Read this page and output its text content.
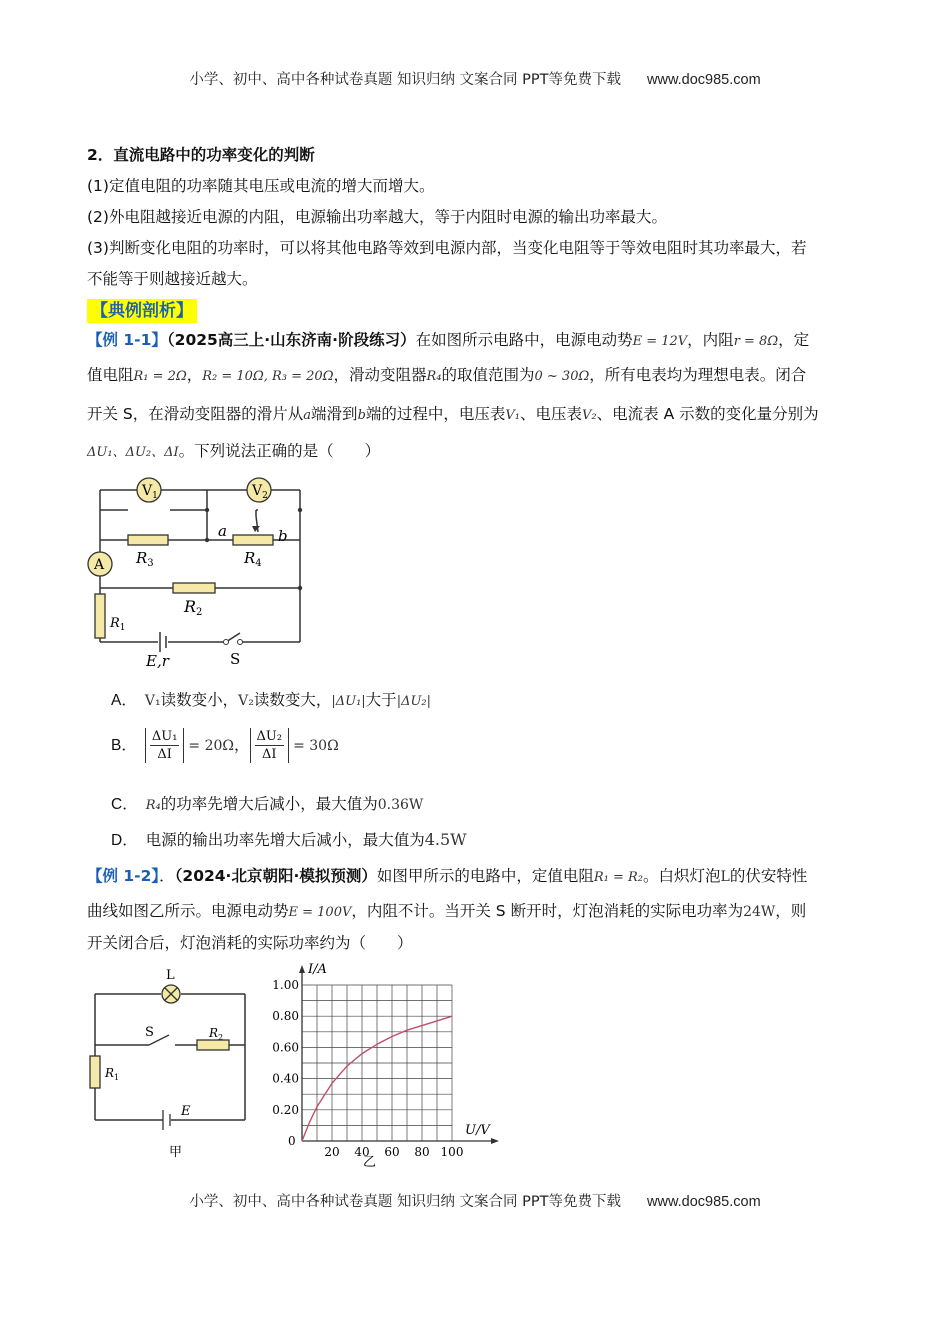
小学、初中、高中各种试卷真题 知识归纳 文案合同 PPT等免费下载 www.doc985.com
2．直流电路中的功率变化的判断
(1)定值电阻的功率随其电压或电流的增大而增大。
(2)外电阻越接近电源的内阻，电源输出功率越大，等于内阻时电源的输出功率最大。
(3)判断变化电阻的功率时，可以将其他电路等效到电源内部，当变化电阻等于等效电阻时其功率最大，若
不能等于则越接近越大。
【典例剖析】
【例 1-1】（2025高三上·山东济南·阶段练习）在如图所示电路中，电源电动势E = 12V，内阻r = 8Ω，定
值电阻R₁ = 2Ω，R₂ = 10Ω, R₃ = 20Ω，滑动变阻器R₄的取值范围为0 ~ 30Ω，所有电表均为理想电表。闭合
开关 S，在滑动变阻器的滑片从a端滑到b端的过程中，电压表V₁、电压表V₂、电流表 A 示数的变化量分别为
ΔU₁、ΔU₂、ΔI。下列说法正确的是（　　）
$V_1$	$V_2$
A $R_3$	$R_4$
R2
$R_1$
a	b
E,r	S
A． V₁读数变小，V₂读数变大，|ΔU₁|大于|ΔU₂|
B． $\frac{\text{ΔU₁}}{\Delta I} = 20\Omega$， $\frac{\text{ΔU₂}}{\Delta I} = 30\Omega$
C． R₄的功率先增大后减小，最大值为0.36W
D． 电源的输出功率先增大后减小，最大值为4.5W
【例 1-2】．（2024·北京朝阳·模拟预测）如图甲所示的电路中，定值电阻R₁ = R₂。白炽灯泡L的伏安特性
曲线如图乙所示。电源电动势E = 100V，内阻不计。当开关 S 断开时，灯泡消耗的实际电功率为24W，则
开关闭合后，灯泡消耗的实际功率约为（　　）
L
S	$R_2$
$R_1$
E
甲	20 40 60 80 100
0.20
0.40
0.60
0.80
1.00
I/A
U/V
0
乙
小学、初中、高中各种试卷真题 知识归纳 文案合同 PPT等免费下载 www.doc985.com
